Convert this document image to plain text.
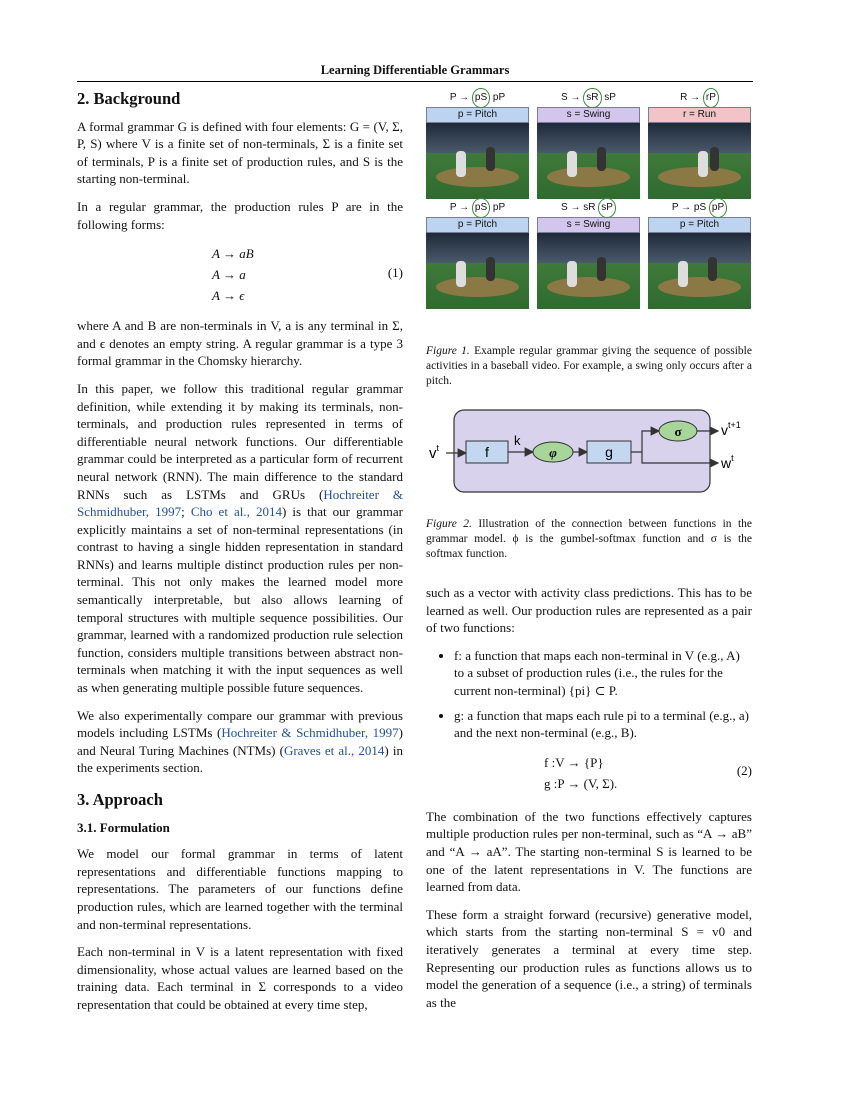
Learning Differentiable Grammars
2. Background

A formal grammar G is defined with four elements: G = (V, Σ, P, S) where V is a finite set of non-terminals, Σ is a finite set of terminals, P is a finite set of production rules, and S is the starting non-terminal.

In a regular grammar, the production rules P are in the following forms:

A → aB
A → a
A → ϵ
(1)

where A and B are non-terminals in V, a is any terminal in Σ, and ϵ denotes an empty string. A regular grammar is a type 3 formal grammar in the Chomsky hierarchy.

In this paper, we follow this traditional regular grammar definition, while extending it by making its terminals, non-terminals, and production rules represented in terms of differentiable neural network functions. Our differentiable grammar could be interpreted as a particular form of recurrent neural network (RNN). The main difference to the standard RNNs such as LSTMs and GRUs (Hochreiter & Schmidhuber, 1997; Cho et al., 2014) is that our grammar explicitly maintains a set of non-terminal representations (in contrast to having a single hidden representation in standard RNNs) and learns multiple distinct production rules per non-terminal. This not only makes the learned model more semantically interpretable, but also allows learning of temporal structures with multiple sequence possibilities. Our grammar, learned with a randomized production rule selection function, considers multiple transitions between abstract non-terminals when matching it with the input sequences as well as when generating multiple possible future sequences.

We also experimentally compare our grammar with previous models including LSTMs (Hochreiter & Schmidhuber, 1997) and Neural Turing Machines (NTMs) (Graves et al., 2014) in the experiments section.

3. Approach
3.1. Formulation

We model our formal grammar in terms of latent representations and differentiable functions mapping to representations. The parameters of our functions define production rules, which are learned together with the terminal and non-terminal representations.

Each non-terminal in V is a latent representation with fixed dimensionality, whose actual values are learned based on the training data. Each terminal in Σ corresponds to a video representation that could be obtained at every time step,

P → pS pP
p = Pitch
S → sR sP
s = Swing
R → rP
r = Run
P → pS pP
p = Pitch
S → sR sP
s = Swing
P → pS pP
p = Pitch
Figure 1. Example regular grammar giving the sequence of possible activities in a baseball video. For example, a swing only occurs after a pitch.
$v^t$	f
k
φ	g
σ	$v^{t+1}$
$w^t$
Figure 2. Illustration of the connection between functions in the grammar model. ϕ is the gumbel-softmax function and σ is the softmax function.

such as a vector with activity class predictions. This has to be learned as well. Our production rules are represented as a pair of two functions:

• f: a function that maps each non-terminal in V (e.g., A) to a subset of production rules (i.e., the rules for the current non-terminal) {pi} ⊂ P.
• g: a function that maps each rule pi to a terminal (e.g., a) and the next non-terminal (e.g., B).
f :V → {P}
g :P → (V, Σ).
(2)

The combination of the two functions effectively captures multiple production rules per non-terminal, such as “A → aB” and “A → aA”. The starting non-terminal S is learned to be one of the latent representations in V. The functions are learned from data.

These form a straight forward (recursive) generative model, which starts from the starting non-terminal S = v0 and iteratively generates a terminal at every time step. Representing our production rules as functions allows us to model the generation of a sequence (i.e., a string) of terminals as the
